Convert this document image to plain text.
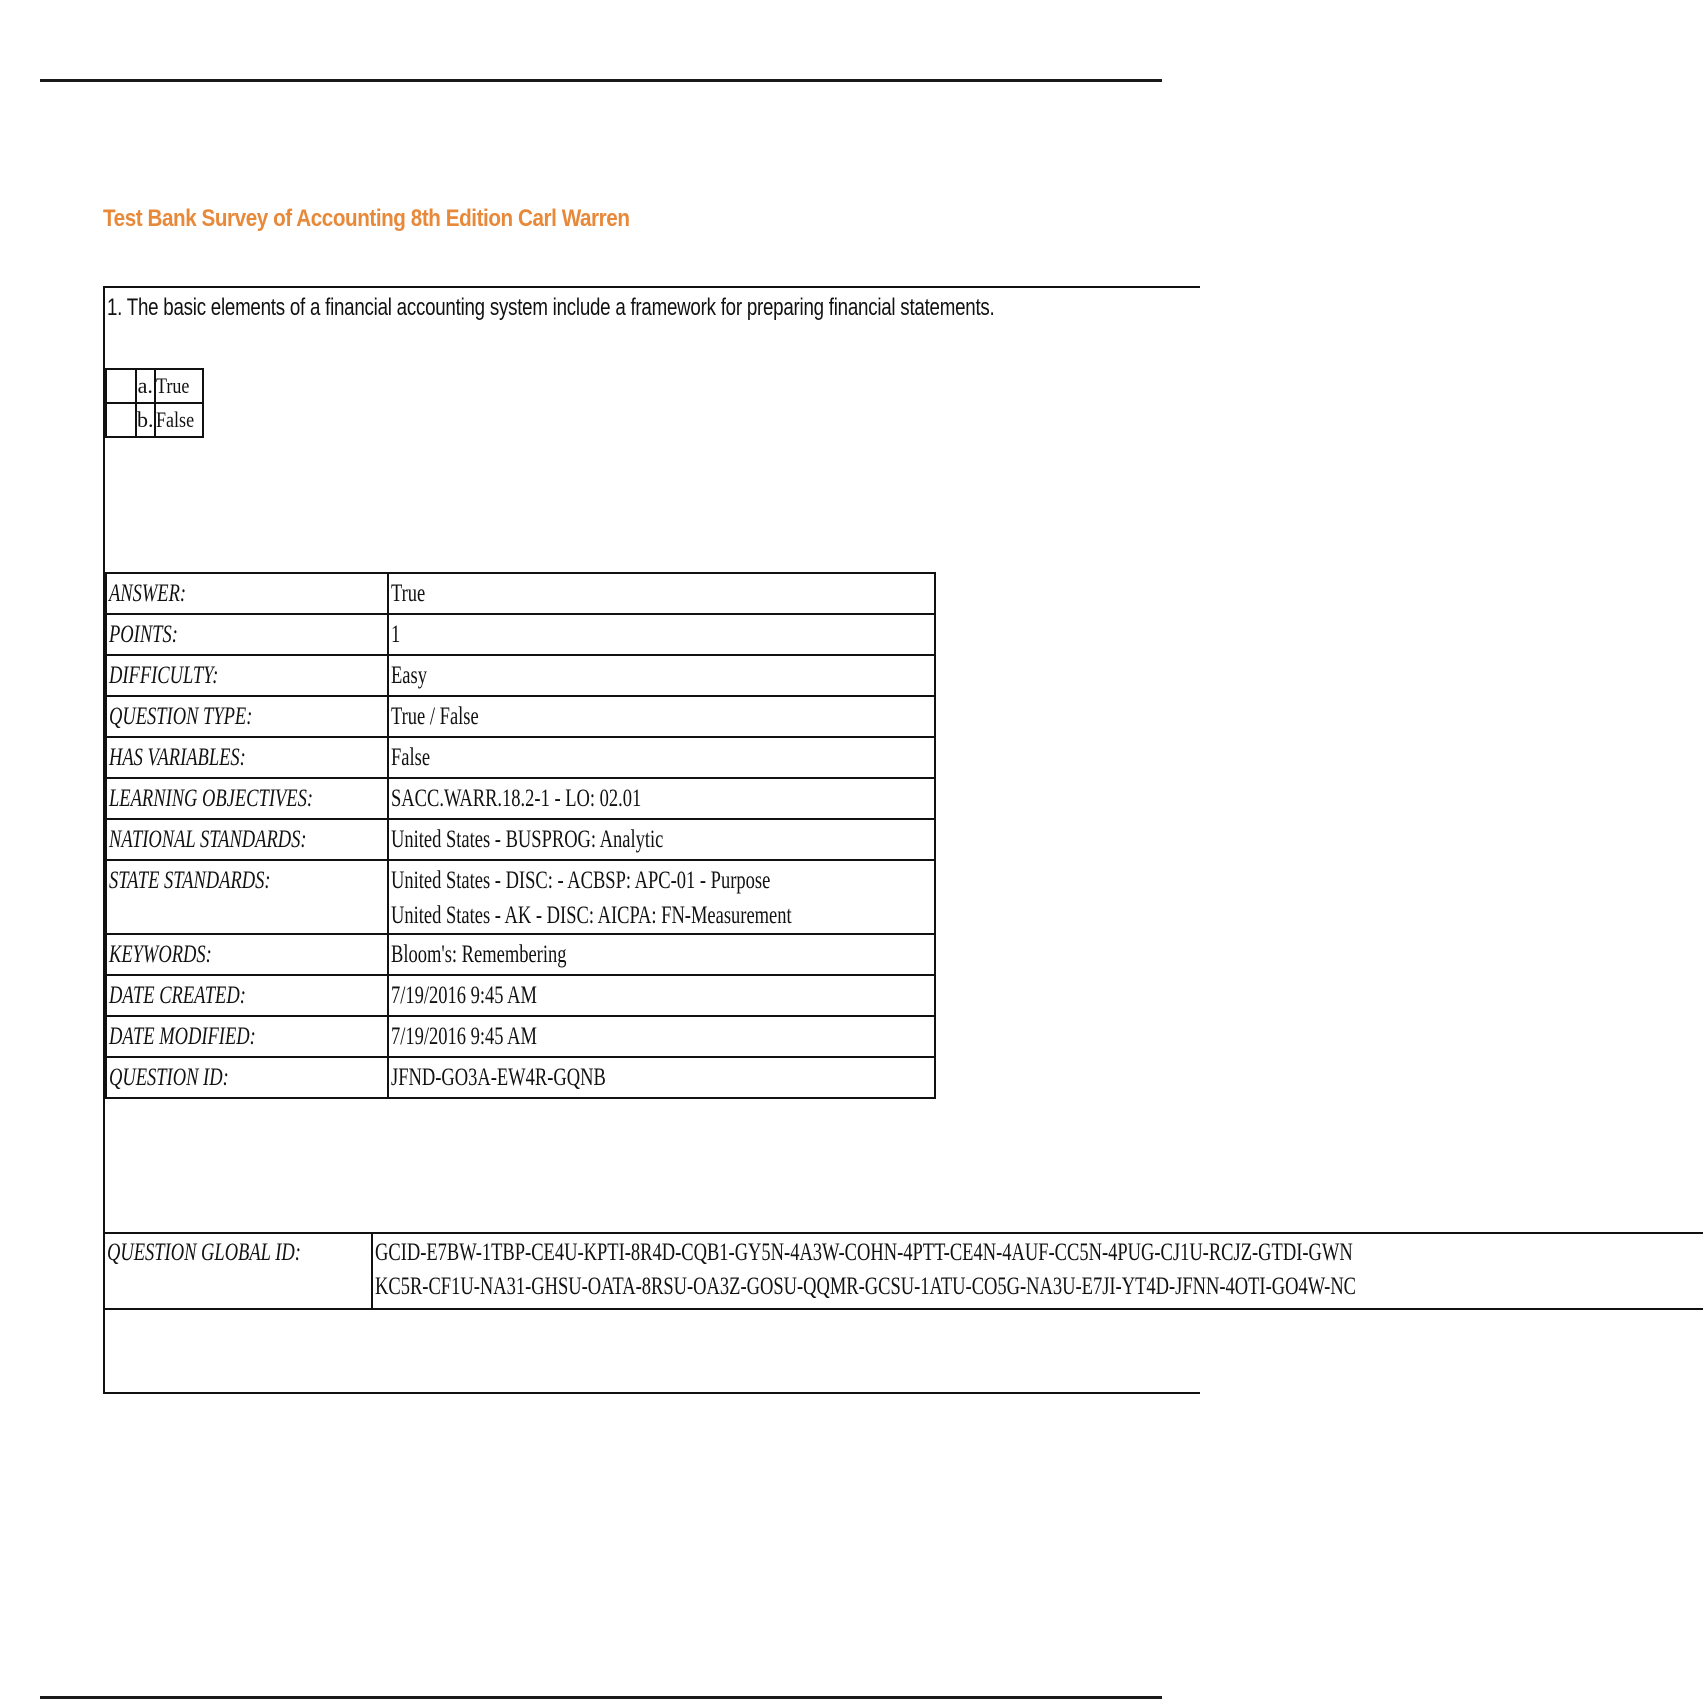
Test Bank Survey of Accounting 8th Edition Carl Warren
1. The basic elements of a financial accounting system include a framework for preparing financial statements.
	a.	True
	b.	False
ANSWER:	True
POINTS:	1
DIFFICULTY:	Easy
QUESTION TYPE:	True / False
HAS VARIABLES:	False
LEARNING OBJECTIVES:	SACC.WARR.18.2-1 - LO: 02.01
NATIONAL STANDARDS:	United States - BUSPROG: Analytic
STATE STANDARDS:	United States - DISC: - ACBSP: APC-01 - Purpose
United States - AK - DISC: AICPA: FN-Measurement
KEYWORDS:	Bloom's: Remembering
DATE CREATED:	7/19/2016 9:45 AM
DATE MODIFIED:	7/19/2016 9:45 AM
QUESTION ID:	JFND-GO3A-EW4R-GQNB
QUESTION GLOBAL ID:	GCID-E7BW-1TBP-CE4U-KPTI-8R4D-CQB1-GY5N-4A3W-COHN-4PTT-CE4N-4AUF-CC5N-4PUG-CJ1U-RCJZ-GTDI-GWN
KC5R-CF1U-NA31-GHSU-OATA-8RSU-OA3Z-GOSU-QQMR-GCSU-1ATU-CO5G-NA3U-E7JI-YT4D-JFNN-4OTI-GO4W-NC
